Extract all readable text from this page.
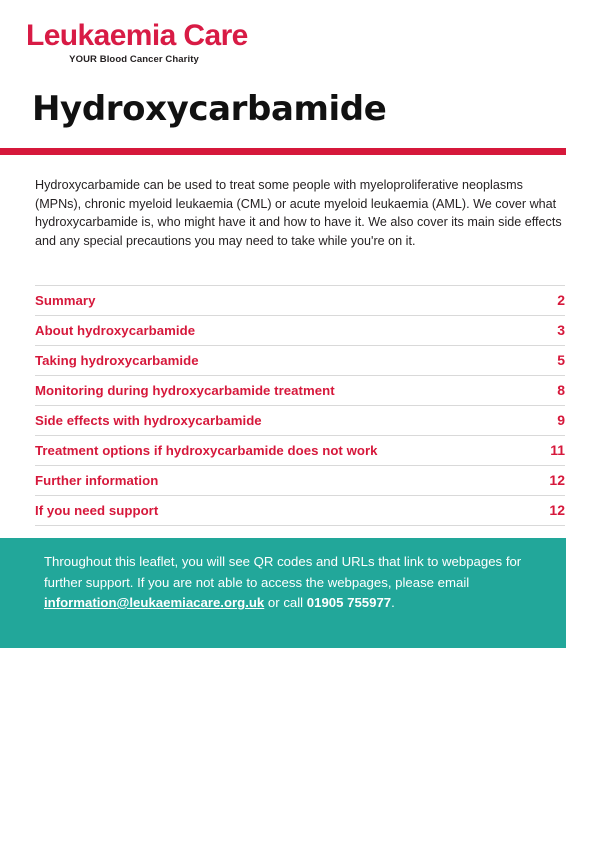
Leukaemia Care
YOUR Blood Cancer Charity
Hydroxycarbamide

Hydroxycarbamide can be used to treat some people with myeloproliferative neoplasms (MPNs), chronic myeloid leukaemia (CML) or acute myeloid leukaemia (AML). We cover what hydroxycarbamide is, who might have it and how to have it. We also cover its main side effects and any special precautions you may need to take while you're on it.

Summary	2
About hydroxycarbamide	3
Taking hydroxycarbamide	5
Monitoring during hydroxycarbamide treatment	8
Side effects with hydroxycarbamide	9
Treatment options if hydroxycarbamide does not work	11
Further information	12
If you need support	12

Throughout this leaflet, you will see QR codes and URLs that link to webpages for further support. If you are not able to access the webpages, please email information@leukaemiacare.org.uk or call 01905 755977.
